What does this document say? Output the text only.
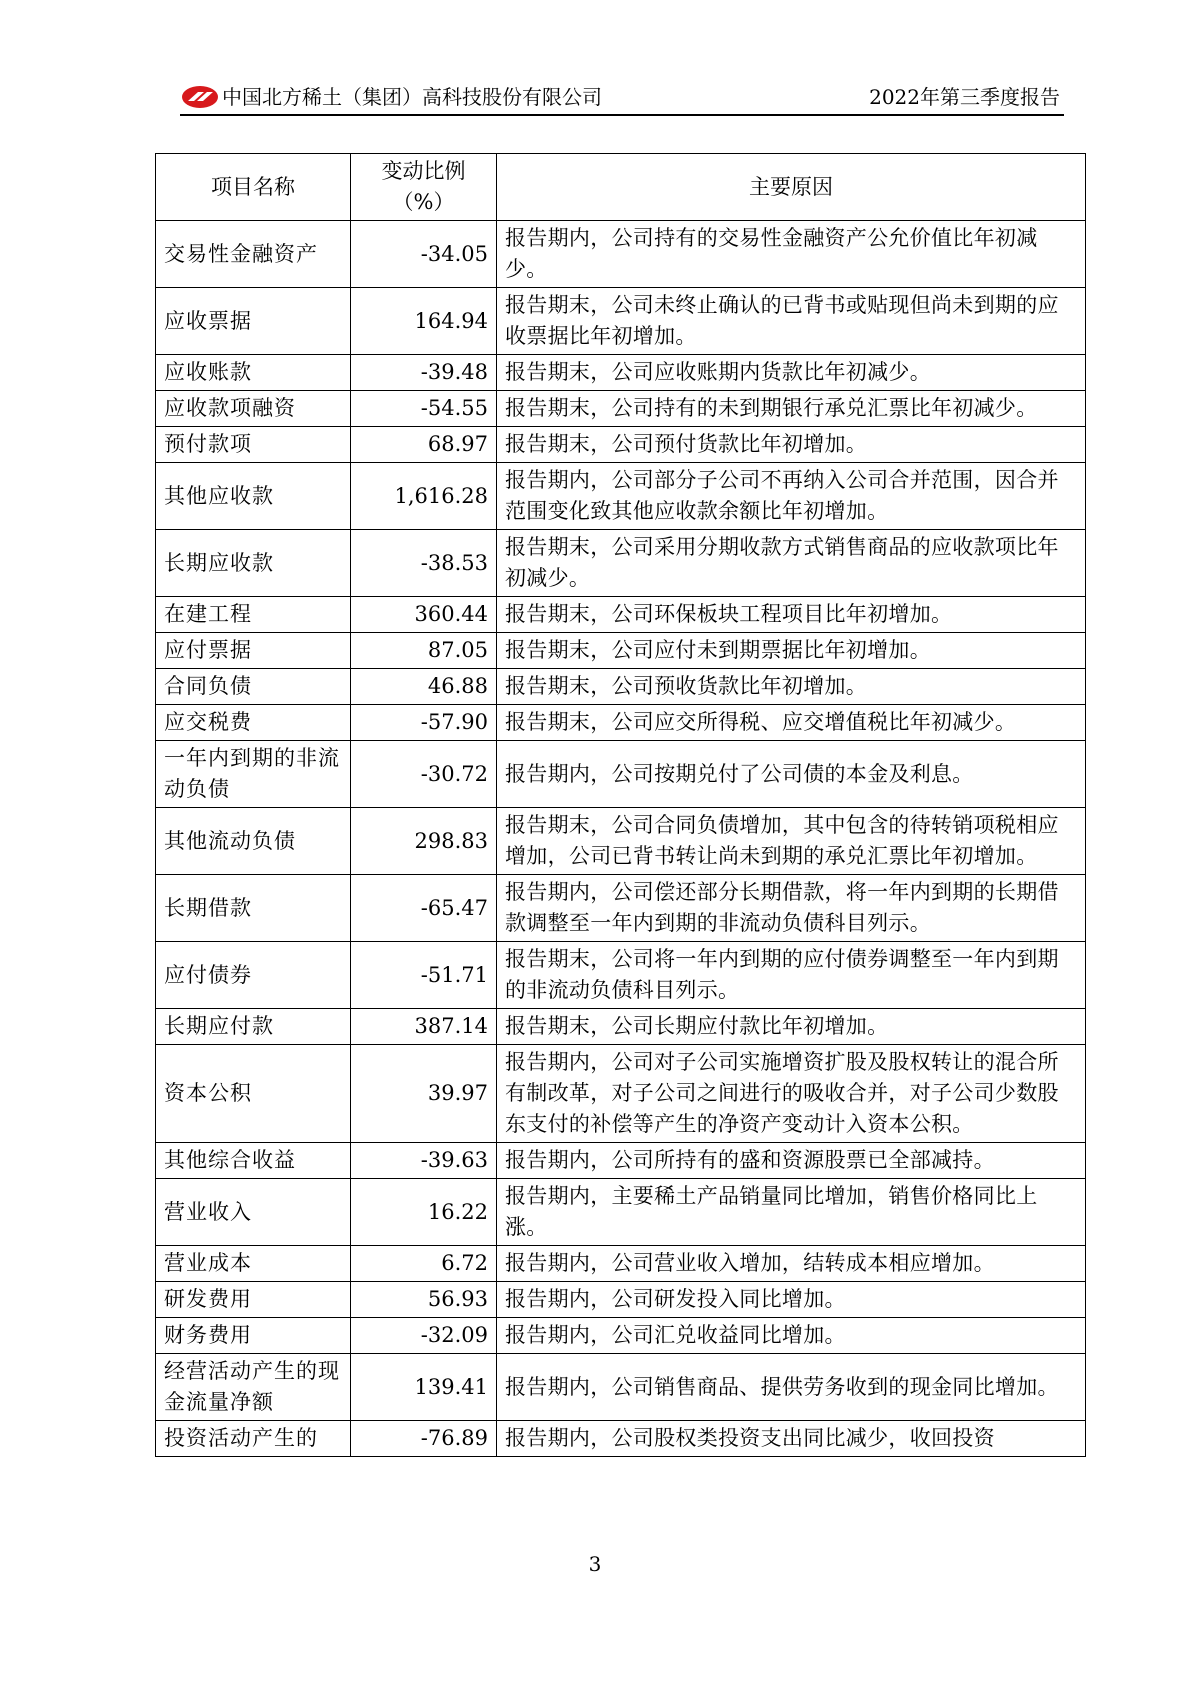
中国北方稀土（集团）高科技股份有限公司	2022年第三季度报告
项目名称	变动比例（%）	主要原因
交易性金融资产	-34.05	报告期内，公司持有的交易性金融资产公允价值比年初减少。
应收票据	164.94	报告期末，公司未终止确认的已背书或贴现但尚未到期的应收票据比年初增加。
应收账款	-39.48	报告期末，公司应收账期内货款比年初减少。
应收款项融资	-54.55	报告期末，公司持有的未到期银行承兑汇票比年初减少。
预付款项	68.97	报告期末，公司预付货款比年初增加。
其他应收款	1,616.28	报告期内，公司部分子公司不再纳入公司合并范围，因合并范围变化致其他应收款余额比年初增加。
长期应收款	-38.53	报告期末，公司采用分期收款方式销售商品的应收款项比年初减少。
在建工程	360.44	报告期末，公司环保板块工程项目比年初增加。
应付票据	87.05	报告期末，公司应付未到期票据比年初增加。
合同负债	46.88	报告期末，公司预收货款比年初增加。
应交税费	-57.90	报告期末，公司应交所得税、应交增值税比年初减少。
一年内到期的非流动负债	-30.72	报告期内，公司按期兑付了公司债的本金及利息。
其他流动负债	298.83	报告期末，公司合同负债增加，其中包含的待转销项税相应增加，公司已背书转让尚未到期的承兑汇票比年初增加。
长期借款	-65.47	报告期内，公司偿还部分长期借款，将一年内到期的长期借款调整至一年内到期的非流动负债科目列示。
应付债券	-51.71	报告期末，公司将一年内到期的应付债券调整至一年内到期的非流动负债科目列示。
长期应付款	387.14	报告期末，公司长期应付款比年初增加。
资本公积	39.97	报告期内，公司对子公司实施增资扩股及股权转让的混合所有制改革，对子公司之间进行的吸收合并，对子公司少数股东支付的补偿等产生的净资产变动计入资本公积。
其他综合收益	-39.63	报告期内，公司所持有的盛和资源股票已全部减持。
营业收入	16.22	报告期内，主要稀土产品销量同比增加，销售价格同比上涨。
营业成本	6.72	报告期内，公司营业收入增加，结转成本相应增加。
研发费用	56.93	报告期内，公司研发投入同比增加。
财务费用	-32.09	报告期内，公司汇兑收益同比增加。
经营活动产生的现金流量净额	139.41	报告期内，公司销售商品、提供劳务收到的现金同比增加。
投资活动产生的	-76.89	报告期内，公司股权类投资支出同比减少，收回投资
3
